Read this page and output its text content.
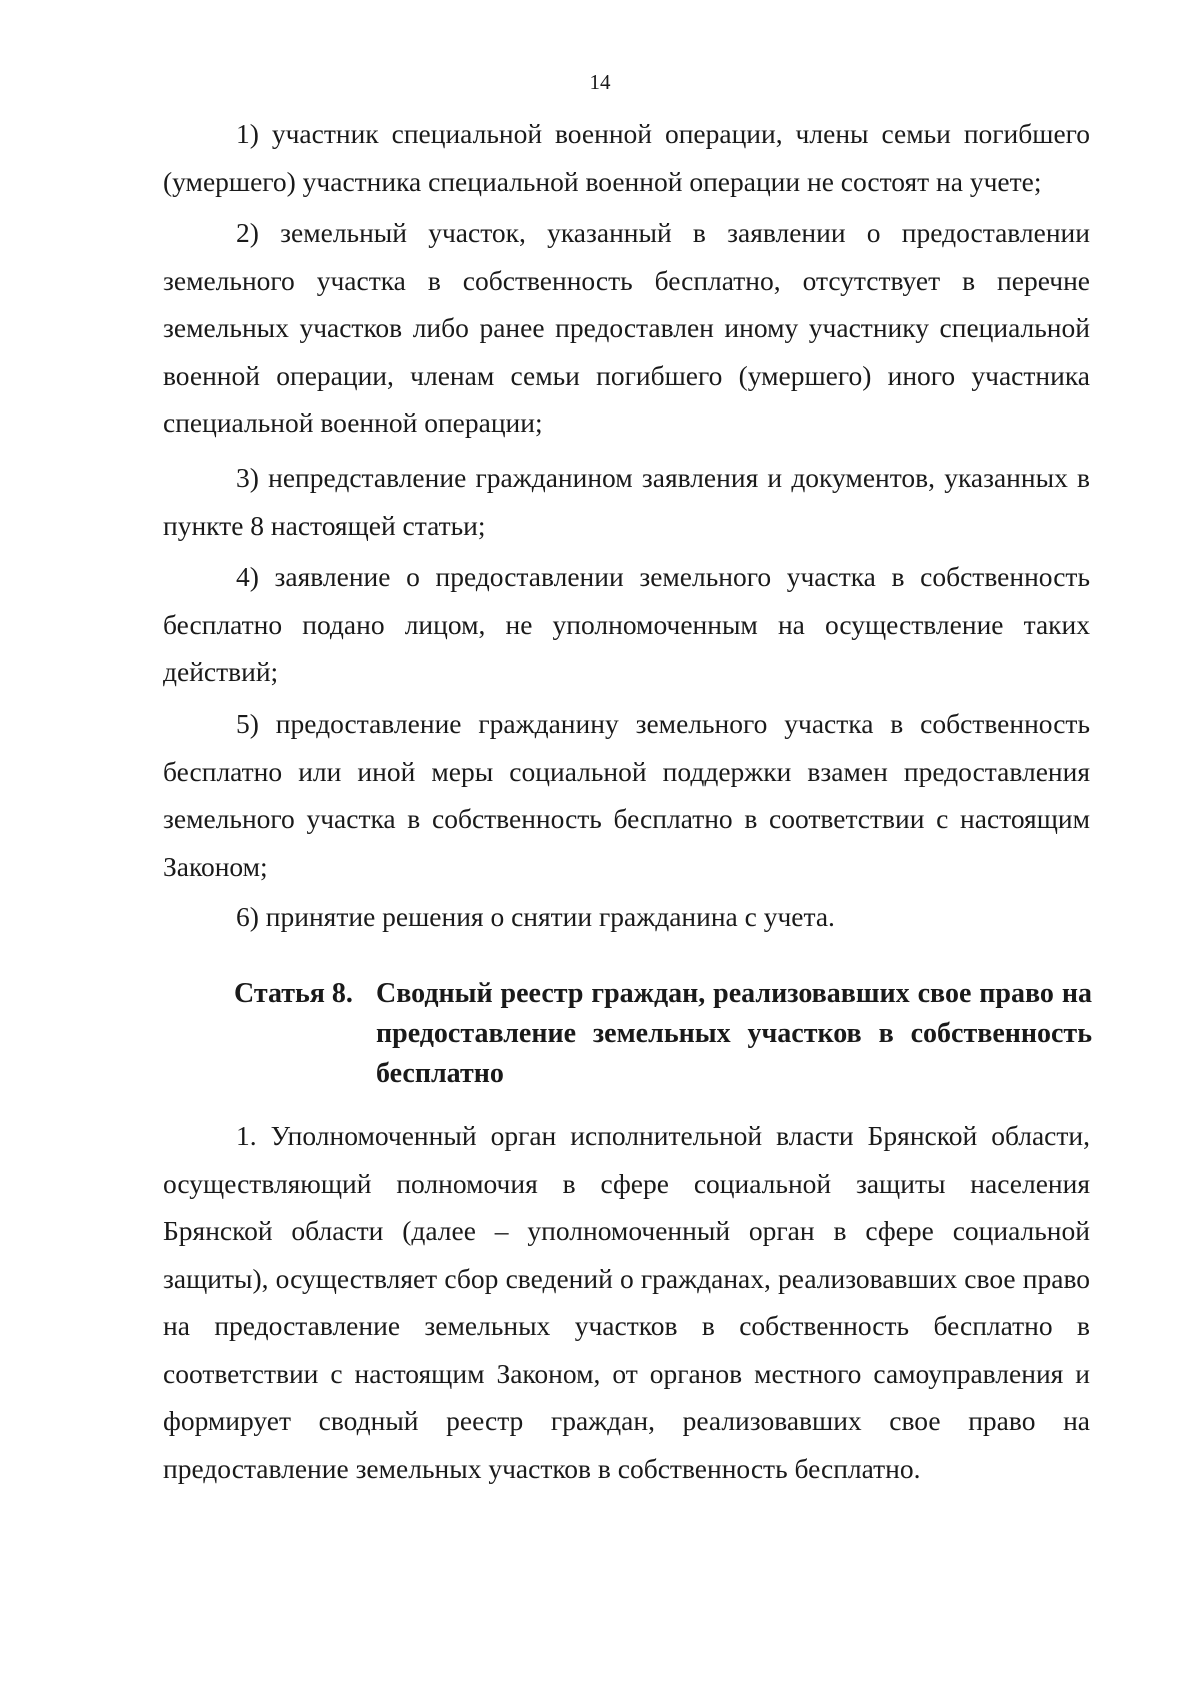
14

1) участник специальной военной операции, члены семьи погибшего (умершего) участника специальной военной операции не состоят на учете;

2) земельный участок, указанный в заявлении о предоставлении земельного участка в собственность бесплатно, отсутствует в перечне земельных участков либо ранее предоставлен иному участнику специальной военной операции, членам семьи погибшего (умершего) иного участника специальной военной операции;

3) непредставление гражданином заявления и документов, указанных в пункте 8 настоящей статьи;

4) заявление о предоставлении земельного участка в собственность бесплатно подано лицом, не уполномоченным на осуществление таких действий;

5) предоставление гражданину земельного участка в собственность бесплатно или иной меры социальной поддержки взамен предоставления земельного участка в собственность бесплатно в соответствии с настоящим Законом;

6) принятие решения о снятии гражданина с учета.

Статья 8. Сводный реестр граждан, реализовавших свое право на предоставление земельных участков в собственность бесплатно

1. Уполномоченный орган исполнительной власти Брянской области, осуществляющий полномочия в сфере социальной защиты населения Брянской области (далее – уполномоченный орган в сфере социальной защиты), осуществляет сбор сведений о гражданах, реализовавших свое право на предоставление земельных участков в собственность бесплатно в соответствии с настоящим Законом, от органов местного самоуправления и формирует сводный реестр граждан, реализовавших свое право на предоставление земельных участков в собственность бесплатно.
